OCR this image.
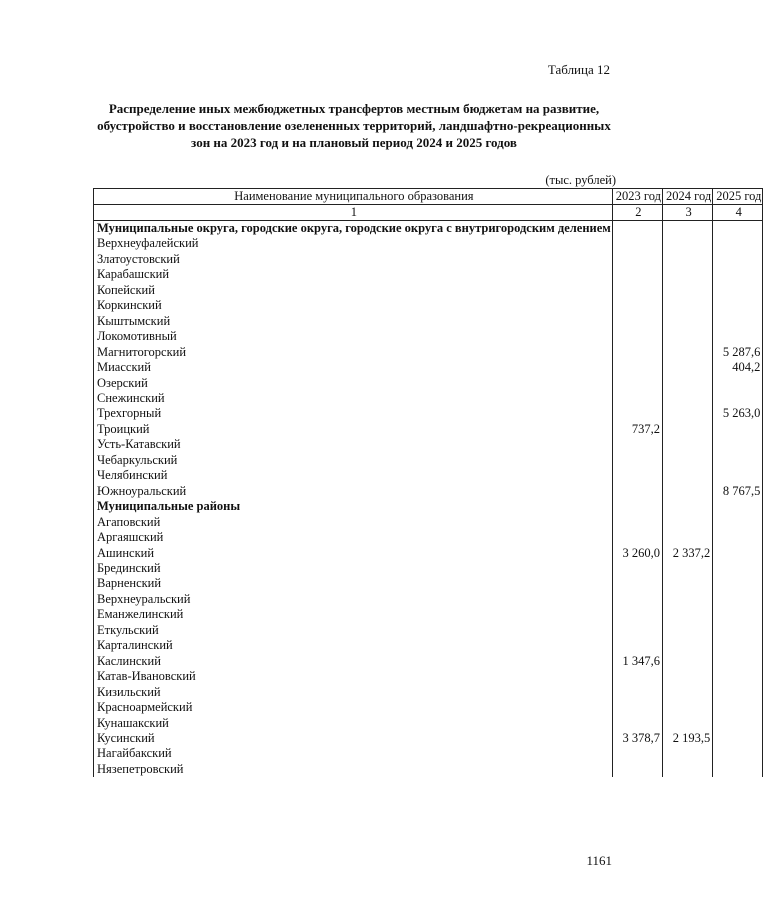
Таблица 12
Распределение иных межбюджетных трансфертов местным бюджетам на развитие, обустройство и восстановление озелененных территорий, ландшафтно-рекреационных зон на 2023 год и на плановый период 2024 и 2025 годов
(тыс. рублей)
Наименование муниципального образования	2023 год	2024 год	2025 год
1	2	3	4
Муниципальные округа, городские округа, городские округа с внутригородским делением			
Верхнеуфалейский			
Златоустовский			
Карабашский			
Копейский			
Коркинский			
Кыштымский			
Локомотивный			
Магнитогорский			5 287,6
Миасский			404,2
Озерский			
Снежинский			
Трехгорный			5 263,0
Троицкий	737,2		
Усть-Катавский			
Чебаркульский			
Челябинский			
Южноуральский			8 767,5
Муниципальные районы			
Агаповский			
Аргаяшский			
Ашинский	3 260,0	2 337,2	
Брединский			
Варненский			
Верхнеуральский			
Еманжелинский			
Еткульский			
Карталинский			
Каслинский	1 347,6		
Катав-Ивановский			
Кизильский			
Красноармейский			
Кунашакский			
Кусинский	3 378,7	2 193,5	
Нагайбакский			
Нязепетровский			
1161
